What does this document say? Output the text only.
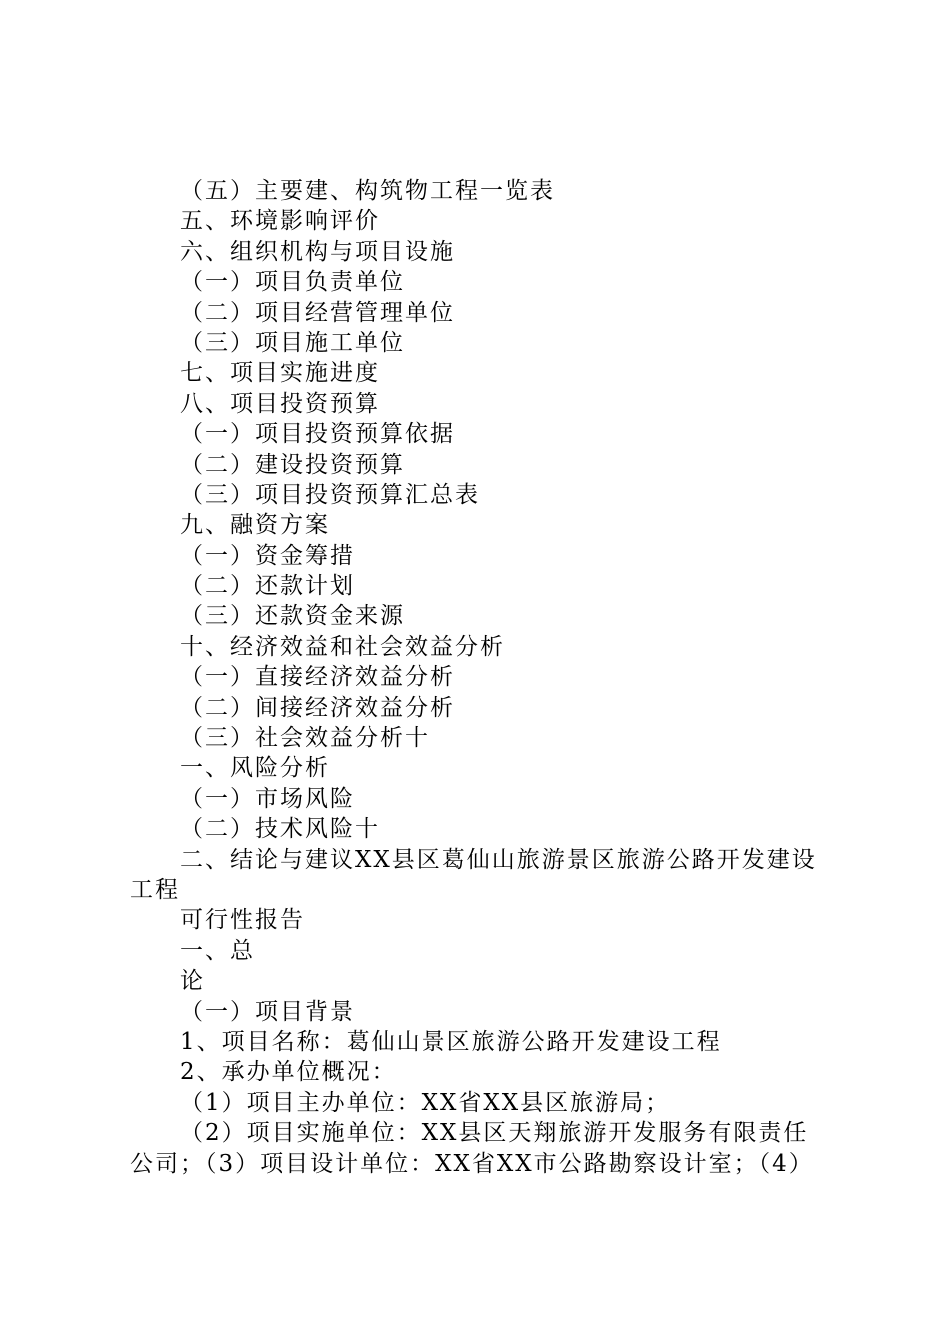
（五）主要建、构筑物工程一览表
五、环境影响评价
六、组织机构与项目设施
（一）项目负责单位
（二）项目经营管理单位
（三）项目施工单位
七、项目实施进度
八、项目投资预算
（一）项目投资预算依据
（二）建设投资预算
（三）项目投资预算汇总表
九、融资方案
（一）资金筹措
（二）还款计划
（三）还款资金来源
十、经济效益和社会效益分析
（一）直接经济效益分析
（二）间接经济效益分析
（三）社会效益分析十
一、风险分析
（一）市场风险
（二）技术风险十
二、结论与建议XX县区葛仙山旅游景区旅游公路开发建设
工程
可行性报告
一、总
论
（一）项目背景
1、项目名称：葛仙山景区旅游公路开发建设工程
2、承办单位概况：
（1）项目主办单位：XX省XX县区旅游局；
（2）项目实施单位：XX县区天翔旅游开发服务有限责任
公司；（3）项目设计单位：XX省XX市公路勘察设计室；（4）
